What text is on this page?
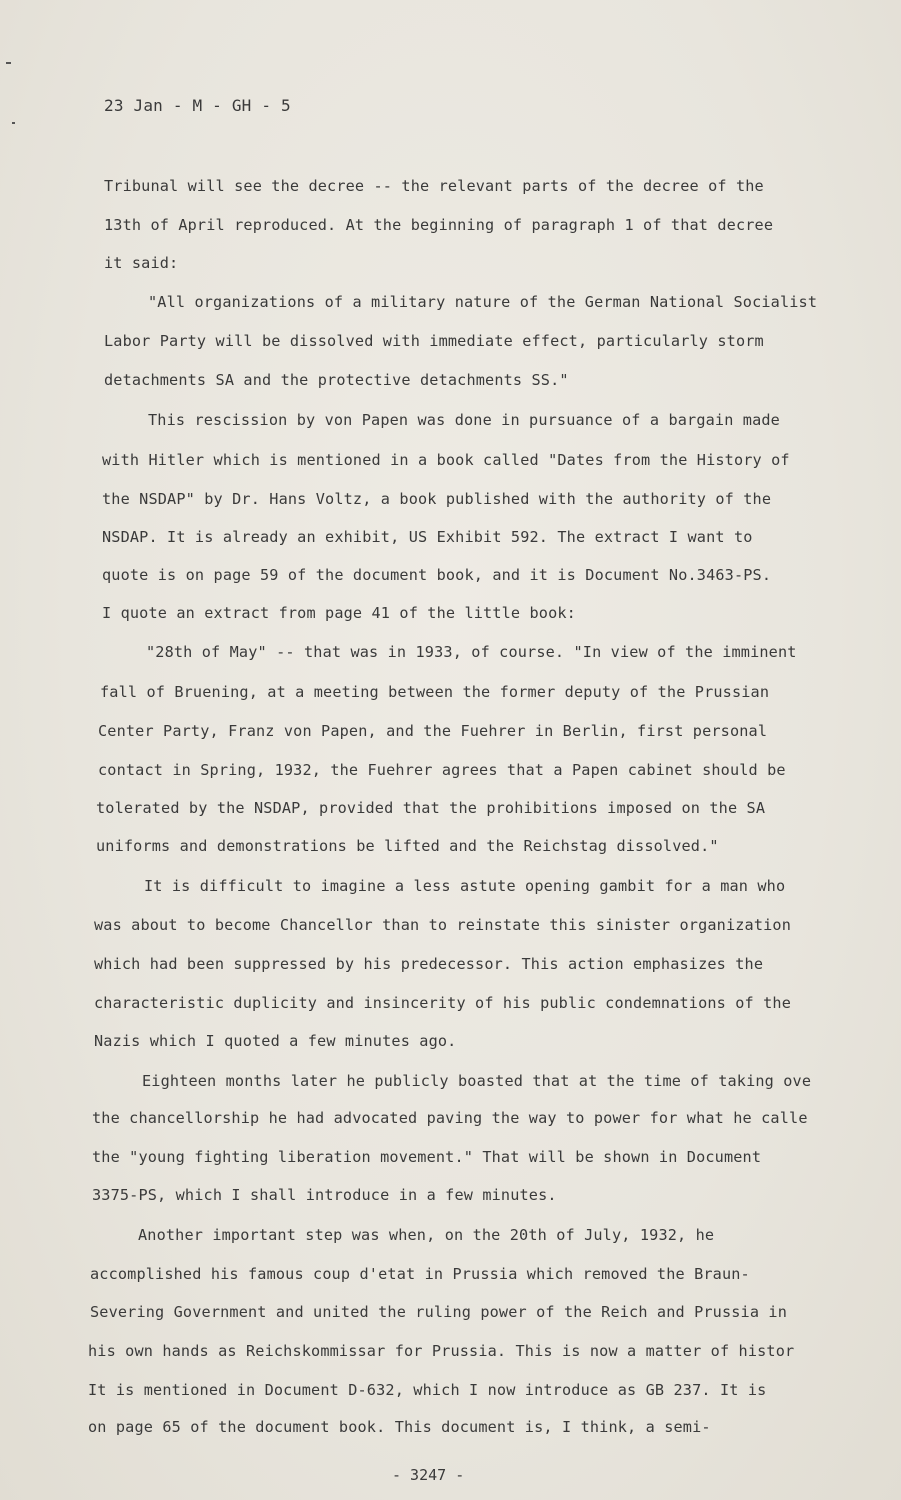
23 Jan - M - GH - 5
Tribunal will see the decree -- the relevant parts of the decree of the
13th of April reproduced. At the beginning of paragraph 1 of that decree
it said:
"All organizations of a military nature of the German National Socialist
Labor Party will be dissolved with immediate effect, particularly storm
detachments SA and the protective detachments SS."
This rescission by von Papen was done in pursuance of a bargain made
with Hitler which is mentioned in a book called "Dates from the History of
the NSDAP" by Dr. Hans Voltz, a book published with the authority of the
NSDAP. It is already an exhibit, US Exhibit 592. The extract I want to
quote is on page 59 of the document book, and it is Document No.3463-PS.
I quote an extract from page 41 of the little book:
"28th of May" -- that was in 1933, of course. "In view of the imminent
fall of Bruening, at a meeting between the former deputy of the Prussian
Center Party, Franz von Papen, and the Fuehrer in Berlin, first personal
contact in Spring, 1932, the Fuehrer agrees that a Papen cabinet should be
tolerated by the NSDAP, provided that the prohibitions imposed on the SA
uniforms and demonstrations be lifted and the Reichstag dissolved."
It is difficult to imagine a less astute opening gambit for a man who
was about to become Chancellor than to reinstate this sinister organization
which had been suppressed by his predecessor. This action emphasizes the
characteristic duplicity and insincerity of his public condemnations of the
Nazis which I quoted a few minutes ago.
Eighteen months later he publicly boasted that at the time of taking ove
the chancellorship he had advocated paving the way to power for what he calle
the "young fighting liberation movement." That will be shown in Document
3375-PS, which I shall introduce in a few minutes.
Another important step was when, on the 20th of July, 1932, he
accomplished his famous coup d'etat in Prussia which removed the Braun-
Severing Government and united the ruling power of the Reich and Prussia in
his own hands as Reichskommissar for Prussia. This is now a matter of histor
It is mentioned in Document D-632, which I now introduce as GB 237. It is
on page 65 of the document book. This document is, I think, a semi-
- 3247 -
